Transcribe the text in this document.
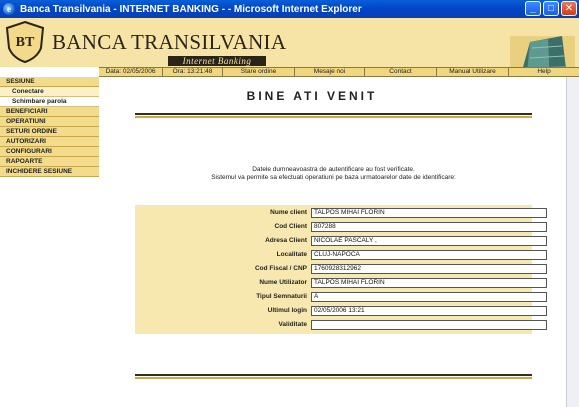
e Banca Transilvania - INTERNET BANKING - - Microsoft Internet Explorer	_	□	✕
BT BANCA TRANSILVANIA
Internet Banking
Data: 02/05/2006	Ora: 13:21:48	Stare ordine	Mesaje noi	Contact	Manual Utilizare	Help
SESIUNE
Conectare
Schimbare parola
BENEFICIARI
OPERATIUNI
SETURI ORDINE
AUTORIZARI
CONFIGURARI
RAPOARTE
INCHIDERE SESIUNE
BINE ATI VENIT
Datele dumneavoastra de autentificare au fost verificate.
Sistemul va permite sa efectuati operatiuni pe baza urmatoarelor date de identificare:
Nume client	TALPOS MIHAI FLORIN
Cod Client	807288
Adresa Client	NICOLAE PASCALY ,
Localitate	CLUJ-NAPOCA
Cod Fiscal / CNP	1760928312962
Nume Utilizator	TALPOS MIHAI FLORIN
Tipul Semnaturii	A
Ultimul login	02/05/2006 13:21
Validitate
